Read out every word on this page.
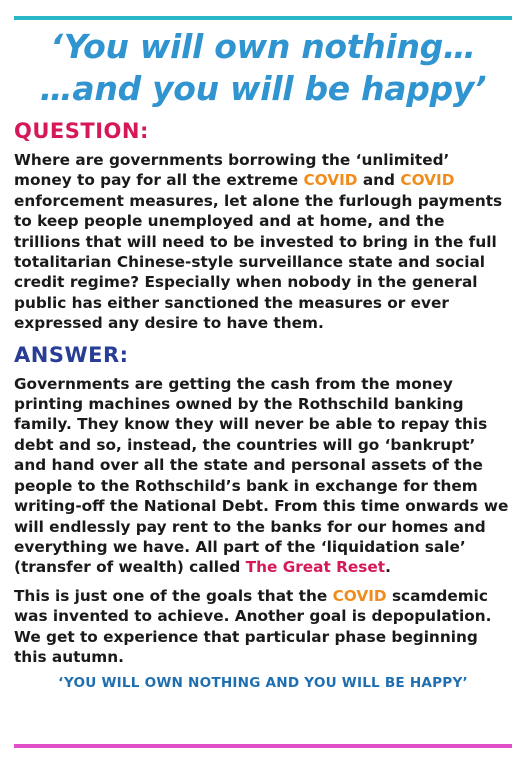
‘You will own nothing…
…and you will be happy’
QUESTION:

Where are governments borrowing the ‘unlimited’ money to pay for all the extreme COVID and COVID enforcement measures, let alone the furlough payments to keep people unemployed and at home, and the trillions that will need to be invested to bring in the full totalitarian Chinese-style surveillance state and social credit regime? Especially when nobody in the general public has either sanctioned the measures or ever expressed any desire to have them.

ANSWER:

Governments are getting the cash from the money printing machines owned by the Rothschild banking family. They know they will never be able to repay this debt and so, instead, the countries will go ‘bankrupt’ and hand over all the state and personal assets of the people to the Rothschild’s bank in exchange for them writing-off the National Debt. From this time onwards we will endlessly pay rent to the banks for our homes and everything we have. All part of the ‘liquidation sale’ (transfer of wealth) called The Great Reset.

This is just one of the goals that the COVID scamdemic was invented to achieve. Another goal is depopulation. We get to experience that particular phase beginning this autumn.

‘YOU WILL OWN NOTHING AND YOU WILL BE HAPPY’
